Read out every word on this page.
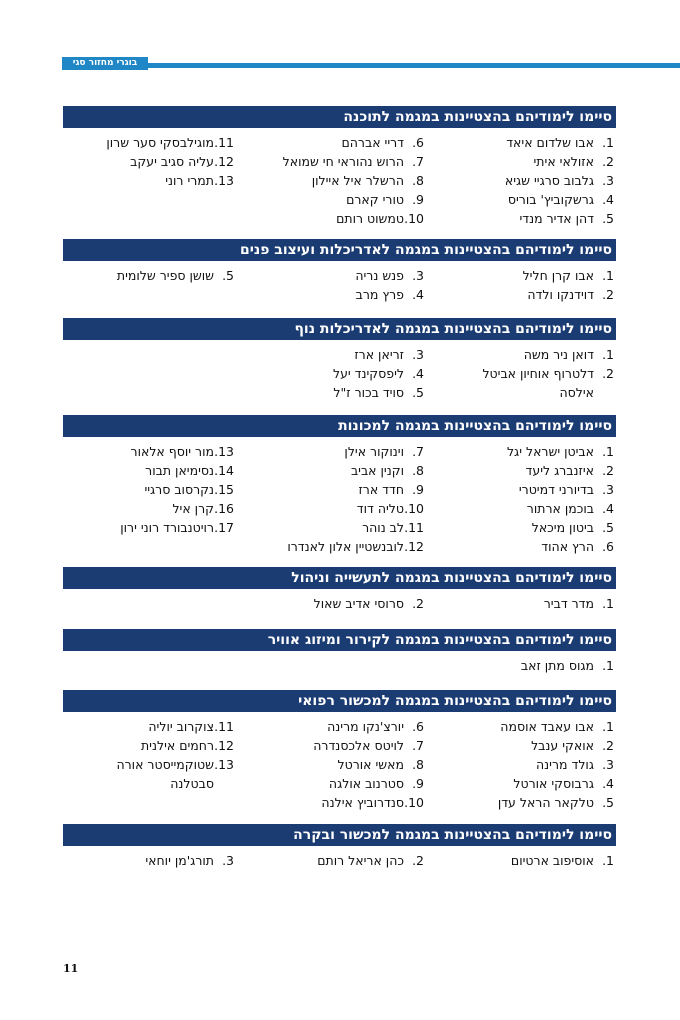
בוגרי מחזור סגי
סיימו לימודיהם בהצטיינות במגמה לתוכנה
1.אבו שלדום איאד
2.אזולאי איתי
3.גלבוב סרגיי שגיא
4.גרשקוביץ' בוריס
5.דהן אדיר מנדי
6.דריי אברהם
7.הרוש נהוראי חי שמואל
8.הרשלר איל איילון
9.טורי קארם
10.טמשוט רותם
11.מוגילבסקי סער שרון
12.עליה סגיב יעקב
13.תמרי רוני
סיימו לימודיהם בהצטיינות במגמה לאדריכלות ועיצוב פנים
1.אבו קרן חליל
2.דוידנקו ולדה
3.פנש נריה
4.פרץ מרב
5.שושן ספיר שלומית
סיימו לימודיהם בהצטיינות במגמה לאדריכלות נוף
1.דואן ניר משה
2.דלטרוף אוחיון אביטל
אילסה
3.זריאן ארז
4.ליפסקינד יעל
5.סויד בכור ז"ל
סיימו לימודיהם בהצטיינות במגמה למכונות
1.אביטן ישראל יגל
2.איזנברג ליעד
3.בדיורני דמיטרי
4.בוכמן ארתור
5.ביטון מיכאל
6.הרץ אהוד
7.וינוקור אילן
8.וקנין אביב
9.חדד ארז
10.טליה דוד
11.לב נוהר
12.לובנשטיין אלון לאנדרו
13.מור יוסף אלאור
14.נסימיאן תבור
15.נקרסוב סרגיי
16.קרן איל
17.רויטנבורד רוני ירון
סיימו לימודיהם בהצטיינות במגמה לתעשייה וניהול
1.מדר דביר
2.סרוסי אדיב שאול
סיימו לימודיהם בהצטיינות במגמה לקירור ומיזוג אוויר
1.מגוס מתן זאב
סיימו לימודיהם בהצטיינות במגמה למכשור רפואי
1.אבו עאבד אוסמה
2.אואקי ענבל
3.גולד מרינה
4.גרבוסקי אורטל
5.טלקאר הראל עדן
6.יורצ'נקו מרינה
7.לויטס אלכסנדרה
8.מאשי אורטל
9.סטרנוב אולגה
10.סנדרוביץ אילנה
11.צוקרוב יוליה
12.רחמים אילנית
13.שטוקמייסטר אורה
סבטלנה
סיימו לימודיהם בהצטיינות במגמה למכשור ובקרה
1.אוסיפוב ארטיום
2.כהן אריאל רותם
3.תורג'מן יוחאי
11
